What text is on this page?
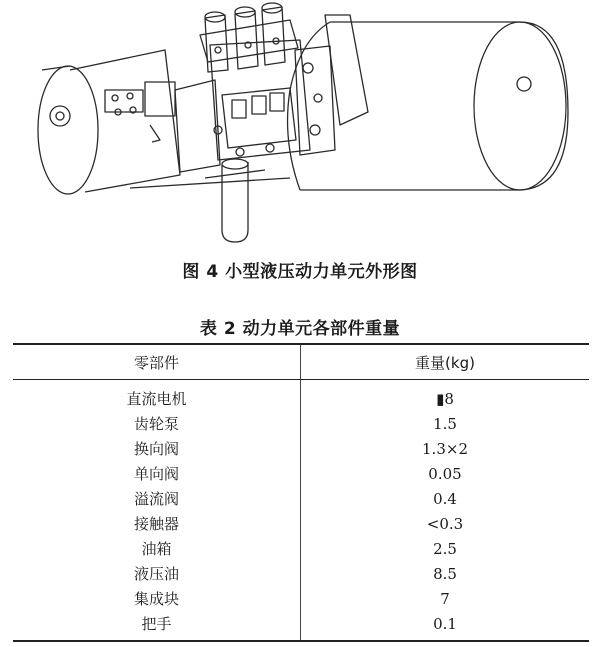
图 4 小型液压动力单元外形图
表 2 动力单元各部件重量
零部件	重量(kg)
直流电机	▮8
齿轮泵	1.5
换向阀	1.3×2
单向阀	0.05
溢流阀	0.4
接触器	<0.3
油箱	2.5
液压油	8.5
集成块	7
把手	0.1
